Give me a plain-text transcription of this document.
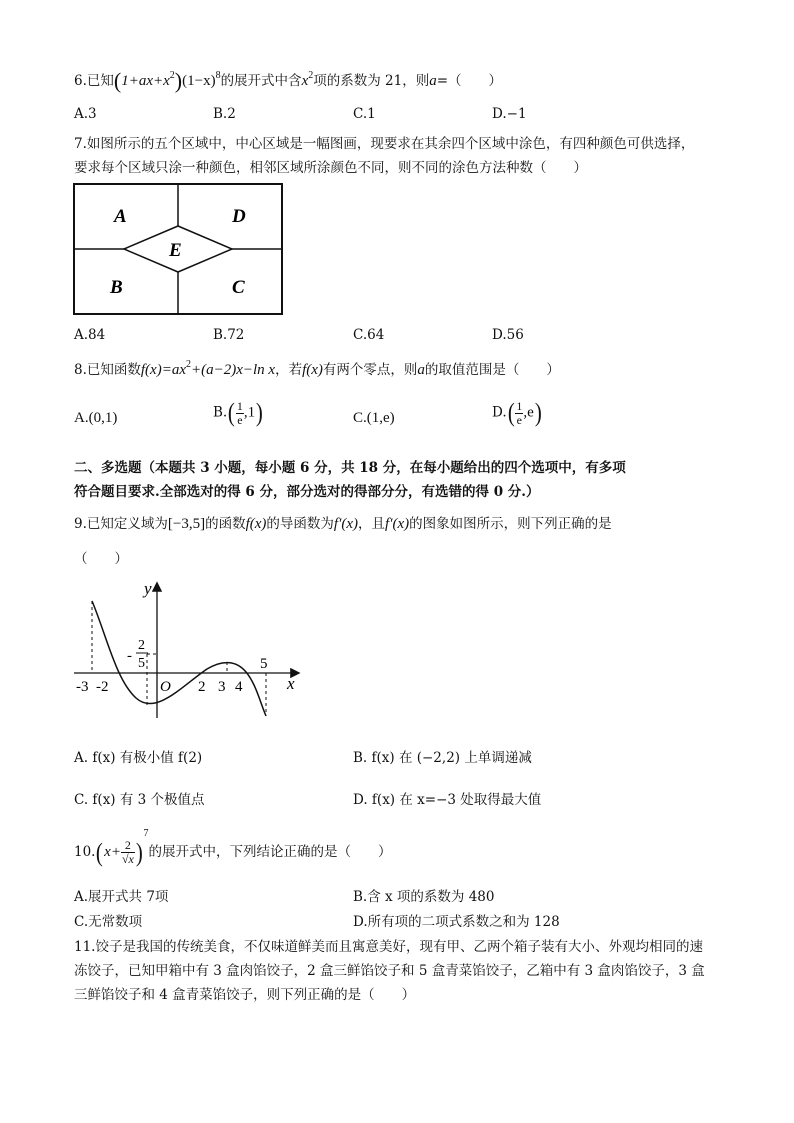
6.已知$(1+ax+x^2)(1-x)^8$的展开式中含$x^2$项的系数为 21，则a=（　　）
A.3	B.2	C.1	D.−1
7.如图所示的五个区域中，中心区域是一幅图画，现要求在其余四个区域中涂色，有四种颜色可供选择，
要求每个区域只涂一种颜色，相邻区域所涂颜色不同，则不同的涂色方法种数（　　）
A	D
E
B	C
A.84	B.72	C.64	D.56
8.已知函数$f(x)=ax^2+(a-2)x-\ln$ x，若f(x)有两个零点，则a的取值范围是（　　）
A.(0,1)	$B.( \frac{1}{e} ,1)$	C.(1,e)	$D.( \frac{1}{e} ,e)$
二、多选题（本题共 3 小题，每小题 6 分，共 18 分，在每小题给出的四个选项中，有多项
符合题目要求.全部选对的得 6 分，部分选对的得部分分，有选错的得 0 分.）
9.已知定义域为[−3,5]的函数f(x)的导函数为f′(x)，且f′(x)的图象如图所示，则下列正确的是
（　　）
y
x
-3 -2	O 2 3 4
5
-
2
5
A. f(x) 有极小值 f(2)	B. f(x) 在 (−2,2) 上单调递减
C. f(x) 有 3 个极值点	D. f(x) 在 x=−3 处取得最大值
$10.(x+ \frac{2}{√x} )^7$的展开式中，下列结论正确的是（　　）
A.展开式共 7项	B.含 x 项的系数为 480
C.无常数项	D.所有项的二项式系数之和为 128
11.饺子是我国的传统美食，不仅味道鲜美而且寓意美好，现有甲、乙两个箱子装有大小、外观均相同的速
冻饺子，已知甲箱中有 3 盒肉馅饺子，2 盒三鲜馅饺子和 5 盒青菜馅饺子，乙箱中有 3 盒肉馅饺子，3 盒
三鲜馅饺子和 4 盒青菜馅饺子，则下列正确的是（　　）
